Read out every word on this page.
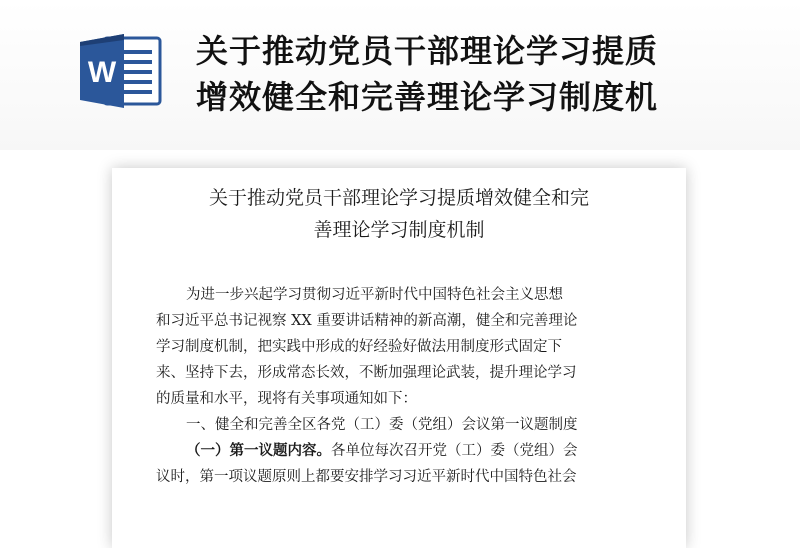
W
关于推动党员干部理论学习提质
增效健全和完善理论学习制度机
关于推动党员干部理论学习提质增效健全和完
善理论学习制度机制
为进一步兴起学习贯彻习近平新时代中国特色社会主义思想
和习近平总书记视察 XX 重要讲话精神的新高潮，健全和完善理论
学习制度机制，把实践中形成的好经验好做法用制度形式固定下
来、坚持下去，形成常态长效，不断加强理论武装，提升理论学习
的质量和水平，现将有关事项通知如下：
一、健全和完善全区各党（工）委（党组）会议第一议题制度
（一）第一议题内容。各单位每次召开党（工）委（党组）会
议时，第一项议题原则上都要安排学习习近平新时代中国特色社会
